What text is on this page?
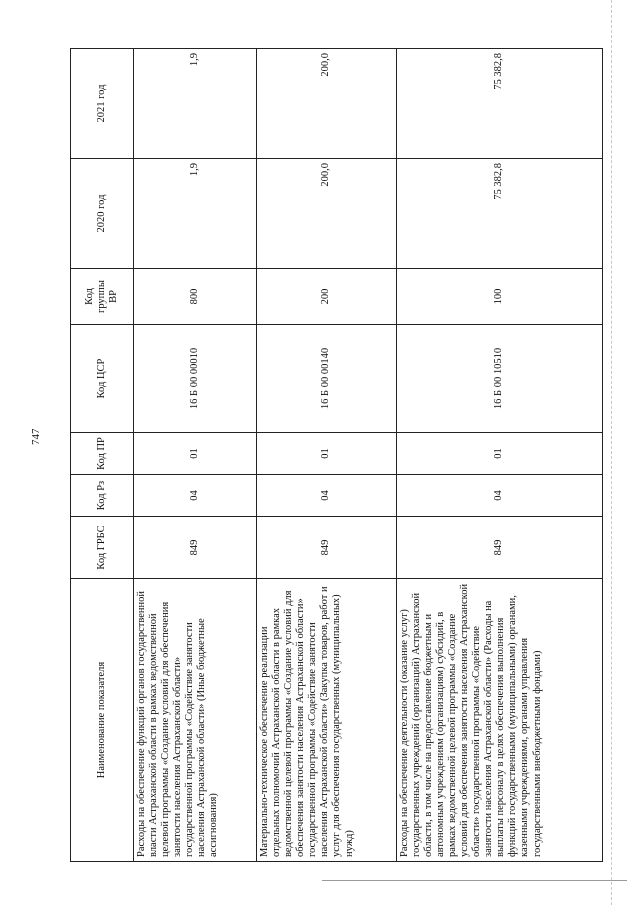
747
Наименование показателя	Код ГРБС	Код Рз	Код ПР	Код ЦСР	Код группы ВР	2020 год	2021 год
Расходы на обеспечение функций органов государственной власти Астраханской области в рамках ведомственной целевой программы «Создание условий для обеспечения занятости населения Астраханской области» государственной программы «Содействие занятости населения Астраханской области» (Иные бюджетные ассигнования)	849	04	01	16 Б 00 00010	800	1,9	1,9
Материально-техническое обеспечение реализации отдельных полномочий Астраханской области в рамках ведомственной целевой программы «Создание условий для обеспечения занятости населения Астраханской области» государственной программы «Содействие занятости населения Астраханской области» (Закупка товаров, работ и услуг для обеспечения государственных (муниципальных) нужд)	849	04	01	16 Б 00 00140	200	200,0	200,0
Расходы на обеспечение деятельности (оказание услуг) государственных учреждений (организаций) Астраханской области, в том числе на предоставление бюджетным и автономным учреждениям (организациям) субсидий, в рамках ведомственной целевой программы «Создание условий для обеспечения занятости населения Астраханской области» государственной программы «Содействие занятости населения Астраханской области» (Расходы на выплаты персоналу в целях обеспечения выполнения функций государственными (муниципальными) органами, казенными учреждениями, органами управления государственными внебюджетными фондами)	849	04	01	16 Б 00 10510	100	75 382,8	75 382,8
